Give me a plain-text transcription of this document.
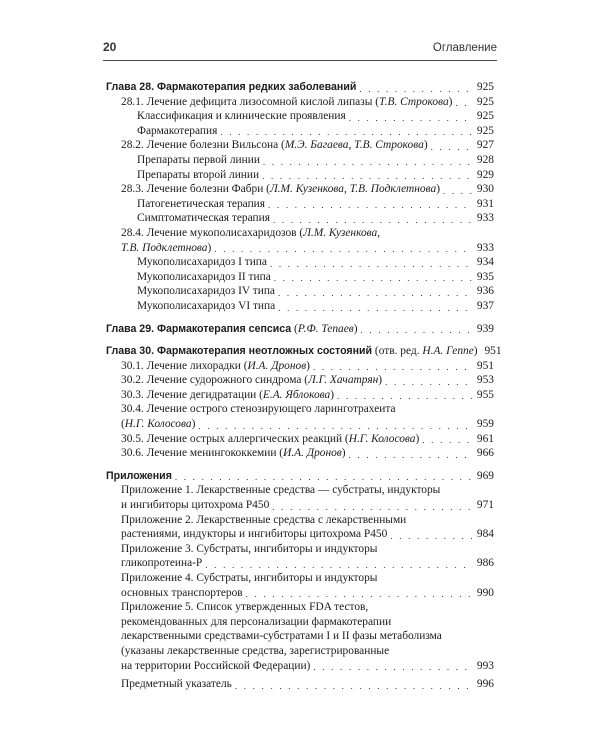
20	Оглавление
Глава 28. Фармакотерапия редких заболеваний . . .	925
28.1. Лечение дефицита лизосомной кислой липазы (Т.В. Строкова) . . . 925
Классификация и клинические проявления . . .	925
Фармакотерапия . . .	925
28.2. Лечение болезни Вильсона (М.Э. Багаева, Т.В. Строкова) . . .	927
Препараты первой линии . . .	928
Препараты второй линии . . .	929
28.3. Лечение болезни Фабри (Л.М. Кузенкова, Т.В. Подклетнова) . . .	930
Патогенетическая терапия . . .	931
Симптоматическая терапия . . .	933
28.4. Лечение мукополисахаридозов (Л.М. Кузенкова,
Т.В. Подклетнова) . . .	933
Мукополисахаридоз I типа . . .	934
Мукополисахаридоз II типа . . .	935
Мукополисахаридоз IV типа . . .	936
Мукополисахаридоз VI типа . . .	937
Глава 29. Фармакотерапия сепсиса (Р.Ф. Тепаев) . . .	939
Глава 30. Фармакотерапия неотложных состояний (отв. ред. Н.А. Геппе) 951
30.1. Лечение лихорадки (И.А. Дронов) . . .	951
30.2. Лечение судорожного синдрома (Л.Г. Хачатрян) . . .	953
30.3. Лечение дегидратации (Е.А. Яблокова) . . .	955
30.4. Лечение острого стенозирующего ларинготрахеита
(Н.Г. Колосова) . . .	959
30.5. Лечение острых аллергических реакций (Н.Г. Колосова) . . .	961
30.6. Лечение менингококкемии (И.А. Дронов) . . .	966
Приложения . . .	969
Приложение 1. Лекарственные средства — субстраты, индукторы
и ингибиторы цитохрома Р450 . . .	971
Приложение 2. Лекарственные средства с лекарственными
растениями, индукторы и ингибиторы цитохрома Р450 . . .	984
Приложение 3. Субстраты, ингибиторы и индукторы
гликопротеина-Р . . .	986
Приложение 4. Субстраты, ингибиторы и индукторы
основных транспортеров . . .	990
Приложение 5. Список утвержденных FDA тестов,
рекомендованных для персонализации фармакотерапии
лекарственными средствами-субстратами I и II фазы метаболизма
(указаны лекарственные средства, зарегистрированные
на территории Российской Федерации) . . .	993
Предметный указатель . . .	996
